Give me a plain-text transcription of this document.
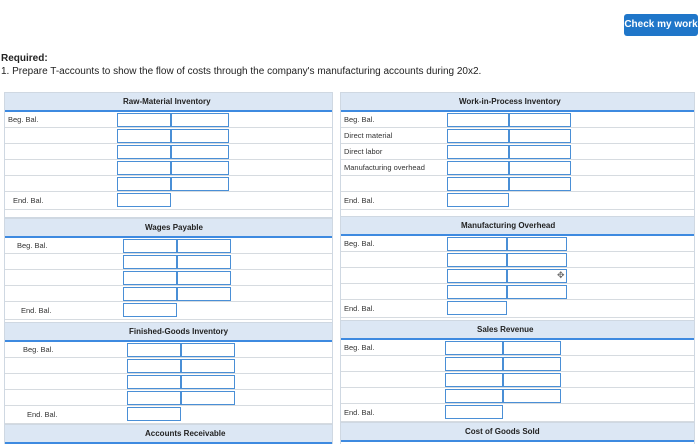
Check my work
Required:
1. Prepare T-accounts to show the flow of costs through the company's manufacturing accounts during 20x2.
Raw-Material Inventory
Beg. Bal.
End. Bal.
Work-in-Process Inventory
Beg. Bal.
Direct material
Direct labor
Manufacturing overhead
End. Bal.
Wages Payable
Beg. Bal.
End. Bal.
Manufacturing Overhead
Beg. Bal.
✥
End. Bal.
Finished-Goods Inventory
Beg. Bal.
End. Bal.
Sales Revenue
Beg. Bal.
End. Bal.
Accounts Receivable	Cost of Goods Sold
